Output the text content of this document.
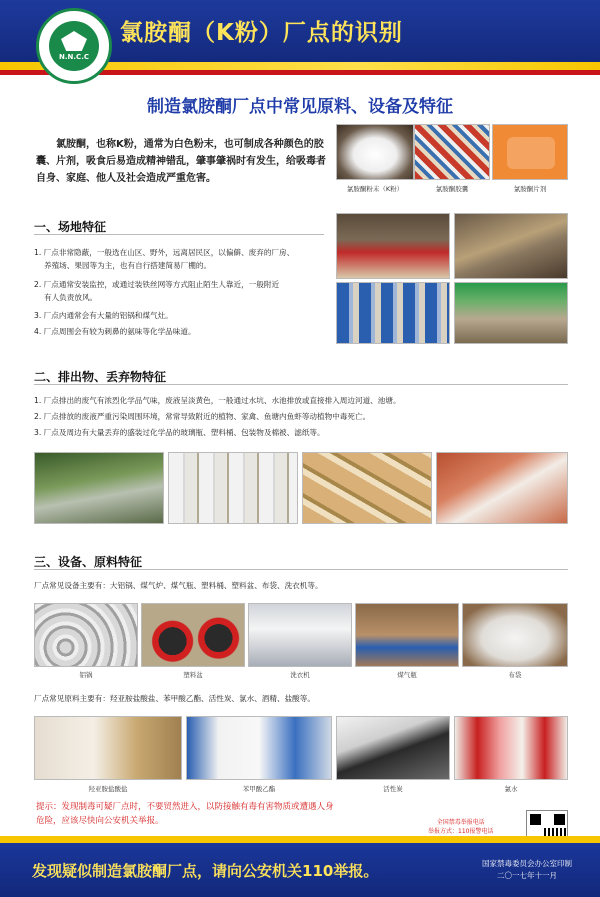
N.N.C.C
氯胺酮（K粉）厂点的识别
制造氯胺酮厂点中常见原料、设备及特征
氯胺酮，也称K粉，通常为白色粉末，也可制成各种颜色的胶囊、片剂，吸食后易造成精神错乱，肇事肇祸时有发生，给吸毒者自身、家庭、他人及社会造成严重危害。
氯胺酮粉末（K粉）	氯胺酮胶囊	氯胺酮片剂
一、场地特征
1. 厂点非常隐蔽，一般选在山区、野外，远离居民区，以偏僻、废弃的厂房、
养殖场、果园等为主，也有自行搭建简易厂棚的。
2. 厂点通常安装监控，或通过装铁丝网等方式阻止陌生人靠近，一般附近
有人负责放风。
3. 厂点内通常会有大量的铝锅和煤气灶。
4. 厂点周围会有较为刺鼻的氨味等化学品味道。
二、排出物、丢弃物特征
1. 厂点排出的废气有浓烈化学品气味，废液呈淡黄色，一般通过水坑、水池排放或直接排入周边河道、池塘。
2. 厂点排放的废液严重污染周围环境，常常导致附近的植物、家禽、鱼塘内鱼虾等动植物中毒死亡。
3. 厂点及周边有大量丢弃的盛装过化学品的玻璃瓶、塑料桶、包装物及棉被、滤纸等。
三、设备、原料特征
厂点常见设备主要有：大铝锅、煤气炉、煤气瓶、塑料桶、塑料盆、布袋、洗衣机等。
铝锅	塑料盆	洗衣机	煤气瓶	布袋
厂点常见原料主要有：羟亚胺盐酸盐、苯甲酸乙酯、活性炭、氯水、酒精、盐酸等。
羟亚胺盐酸盐	苯甲酸乙酯	活性炭	氯水
提示：发现制毒可疑厂点时，不要贸然进入，以防接触有毒有害物质或遭遇人身危险，应该尽快向公安机关举报。	全国禁毒举报电话
举报方式：110报警电话
发现疑似制造氯胺酮厂点，请向公安机关110举报。	国家禁毒委员会办公室印制
二〇一七年十一月
